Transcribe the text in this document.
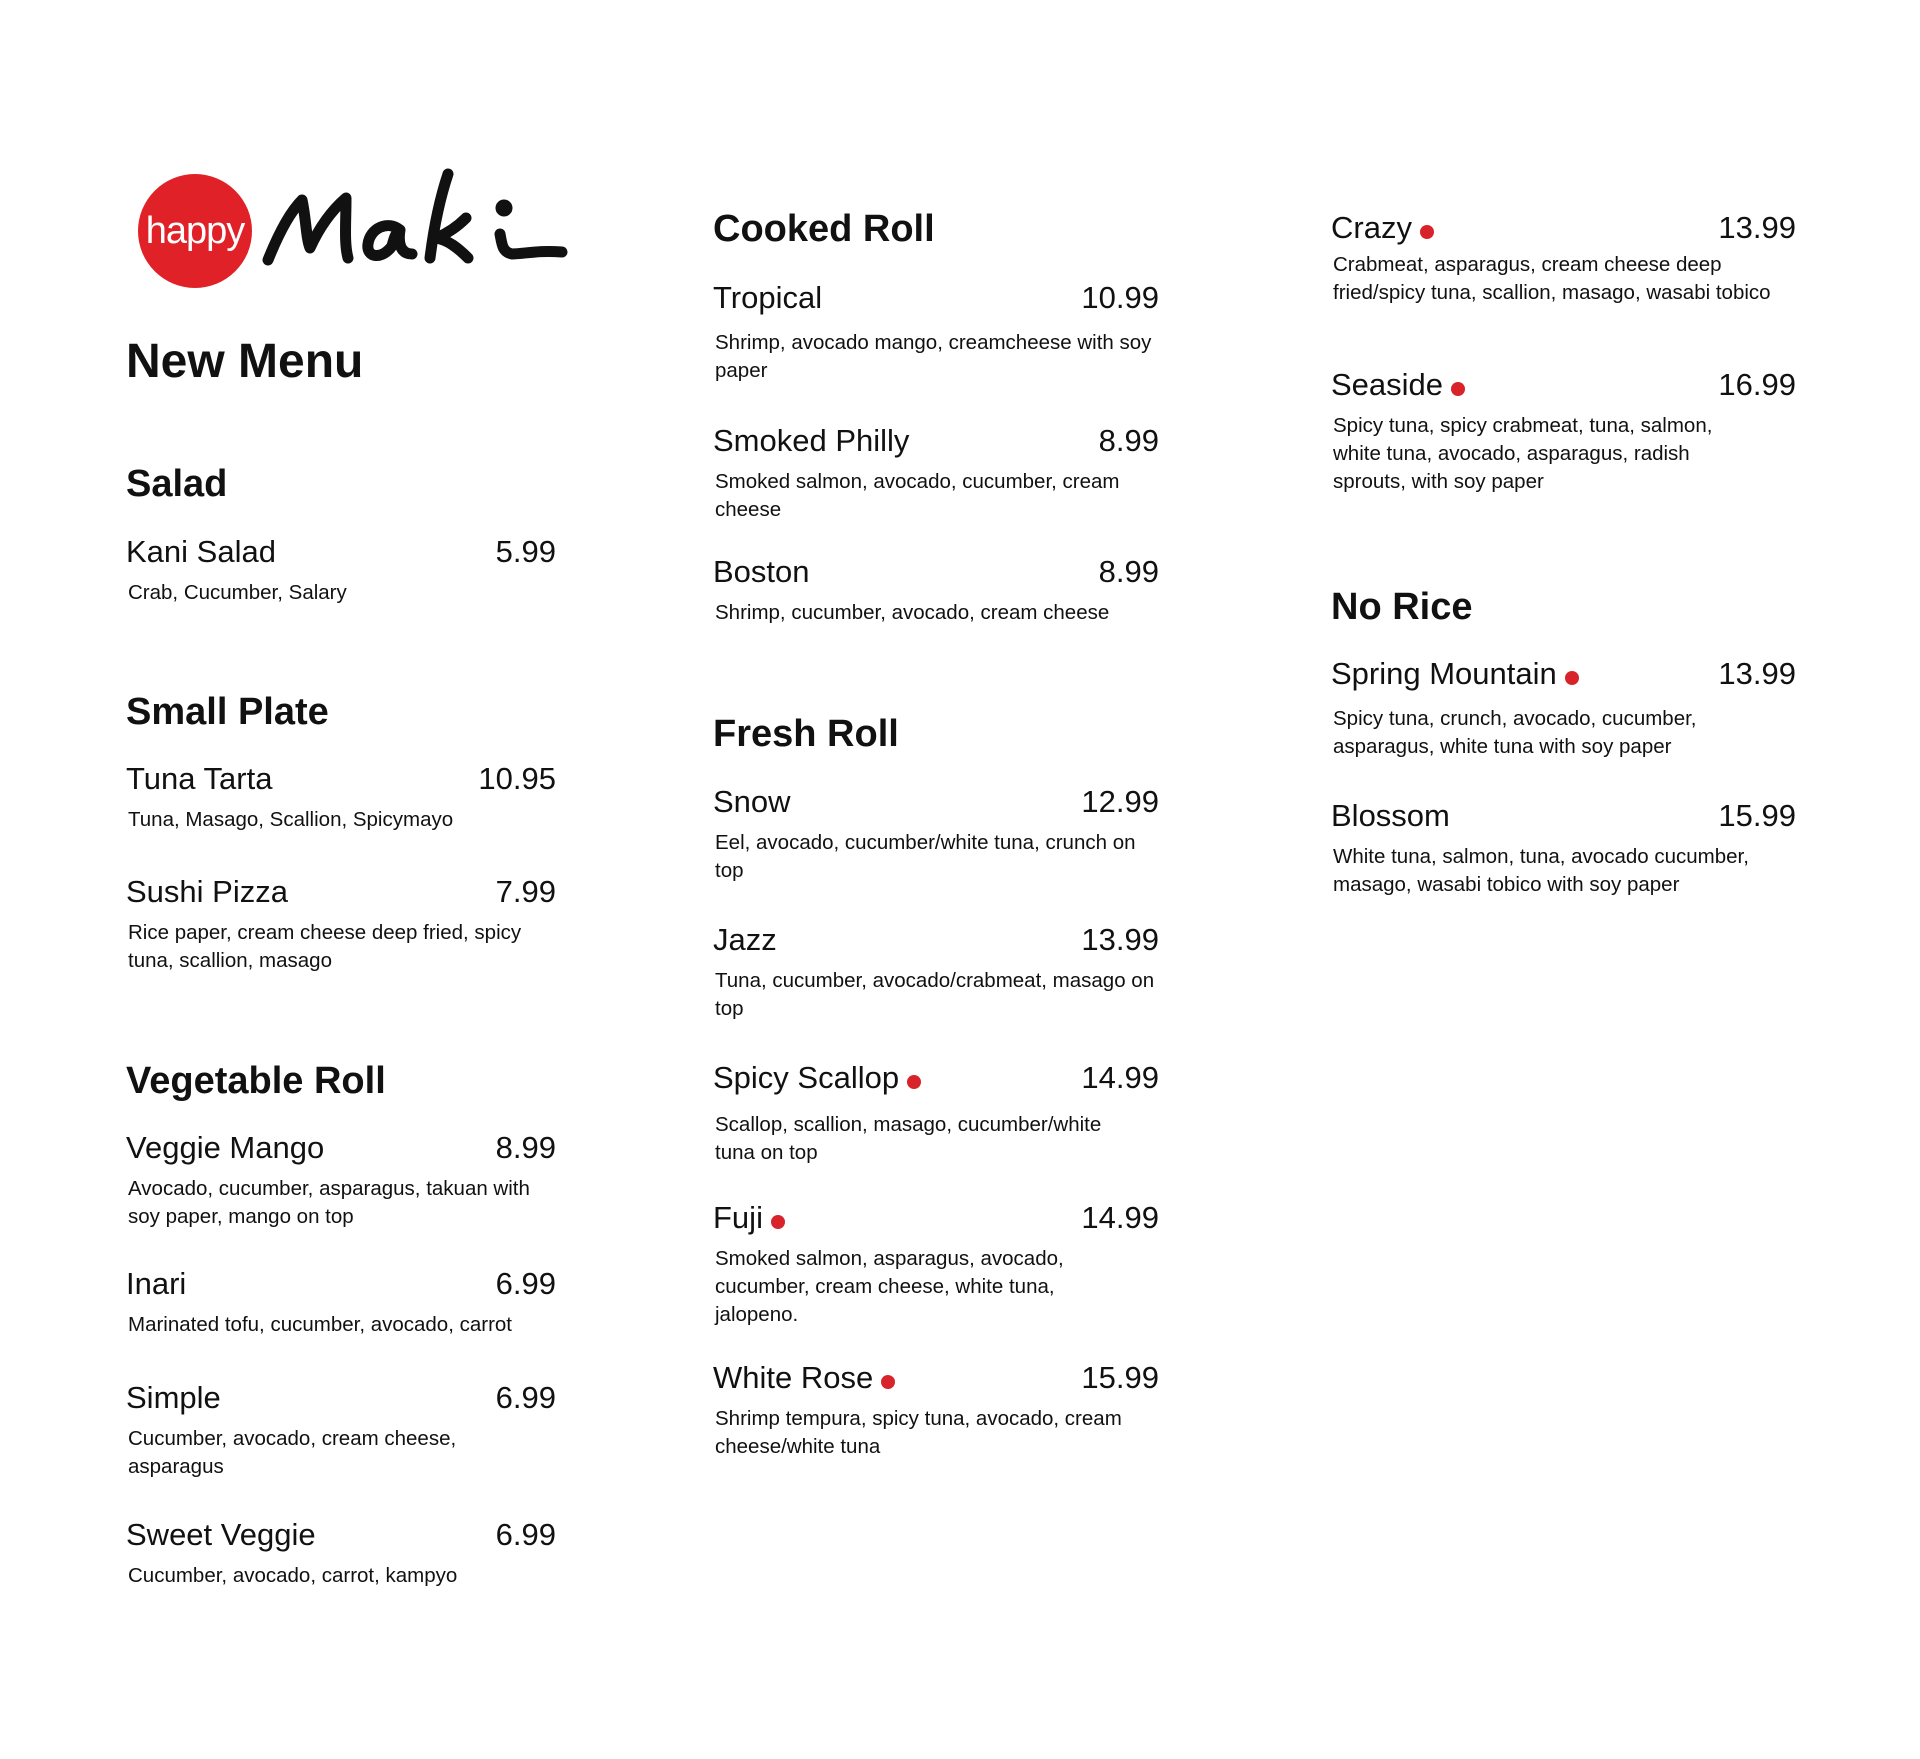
happy
New Menu
Salad
Kani Salad	5.99
Crab, Cucumber, Salary
Small Plate
Tuna Tarta	10.95
Tuna, Masago, Scallion, Spicymayo
Sushi Pizza	7.99
Rice paper, cream cheese deep fried, spicy tuna, scallion, masago
Vegetable Roll
Veggie Mango	8.99
Avocado, cucumber, asparagus, takuan with soy paper, mango on top
Inari	6.99
Marinated tofu, cucumber, avocado, carrot
Simple	6.99
Cucumber, avocado, cream cheese, asparagus
Sweet Veggie	6.99
Cucumber, avocado, carrot, kampyo
Cooked Roll
Tropical	10.99
Shrimp, avocado mango, creamcheese with soy paper
Smoked Philly	8.99
Smoked salmon, avocado, cucumber, cream cheese
Boston	8.99
Shrimp, cucumber, avocado, cream cheese
Fresh Roll
Snow	12.99
Eel, avocado, cucumber/white tuna, crunch on top
Jazz	13.99
Tuna, cucumber, avocado/crabmeat, masago on top
Spicy Scallop	14.99
Scallop, scallion, masago, cucumber/white tuna on top
Fuji	14.99
Smoked salmon, asparagus, avocado, cucumber, cream cheese, white tuna, jalopeno.
White Rose	15.99
Shrimp tempura, spicy tuna, avocado, cream cheese/white tuna
Crazy	13.99
Crabmeat, asparagus, cream cheese deep fried/spicy tuna, scallion, masago, wasabi tobico
Seaside	16.99
Spicy tuna, spicy crabmeat, tuna, salmon, white tuna, avocado, asparagus, radish sprouts, with soy paper
No Rice
Spring Mountain	13.99
Spicy tuna, crunch, avocado, cucumber, asparagus, white tuna with soy paper
Blossom	15.99
White tuna, salmon, tuna, avocado cucumber, masago, wasabi tobico with soy paper
